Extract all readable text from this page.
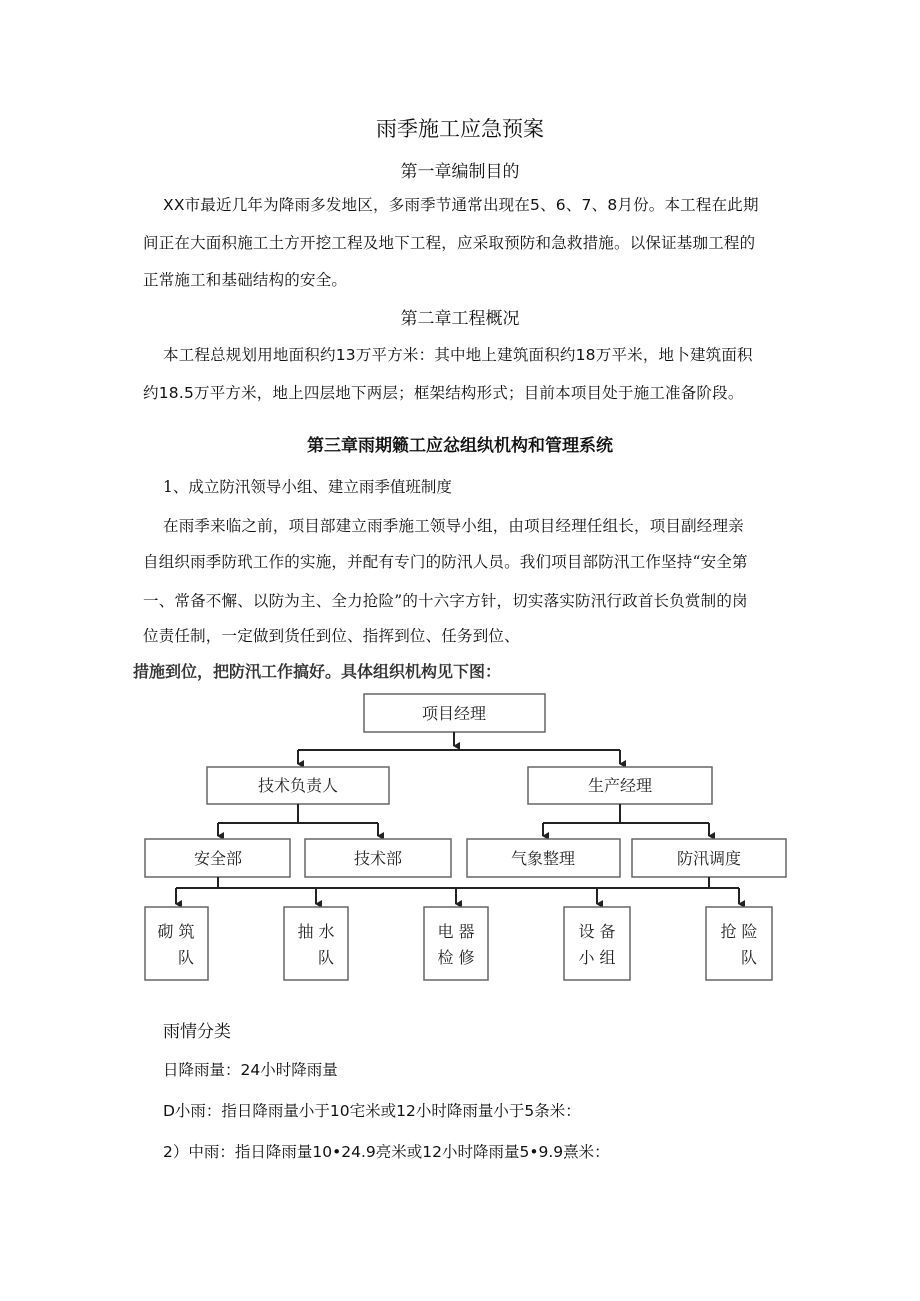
雨季施工应急预案
第一章编制目的
XX市最近几年为降雨多发地区，多雨季节通常出现在5、6、7、8月份。本工程在此期
间正在大面积施工土方开挖工程及地下工程，应采取预防和急救措施。以保证基珈工程的
正常施工和基础结构的安全。
第二章工程概况
本工程总规划用地面积约13万平方米：其中地上建筑面积约18万平米，地卜建筑面积
约18.5万平方米，地上四层地下两层；框架结构形式；目前本项目处于施工准备阶段。
第三章雨期籁工应忿组纨机构和管理系统
1、成立防汛领导小组、建立雨季值班制度
在雨季来临之前，项目部建立雨季施工领导小组，由项目经理任组长，项目副经理亲
自组织雨季防玳工作的实施，并配有专门的防汛人员。我们项目部防汛工作坚持“安全第
一、常备不懈、以防为主、全力抢险”的十六字方针，切实落实防汛行政首长负赏制的岗
位责任制，一定做到货任到位、指挥到位、任务到位、
措施到位，把防汛工作搞好。具体组织机构见下图：
项目经理
技术负责人	生产经理
安全部	技术部	气象整理	防汛调度
砌 筑
队
抽 水
队
电 器
检 修
设 备
小 组
抢 险
队
雨情分类
日降雨量：24小时降雨量
D小雨：指日降雨量小于10宅米或12小时降雨量小于5条米：
2）中雨：指日降雨量10•24.9亮米或12小时降雨量5•9.9熹米：
